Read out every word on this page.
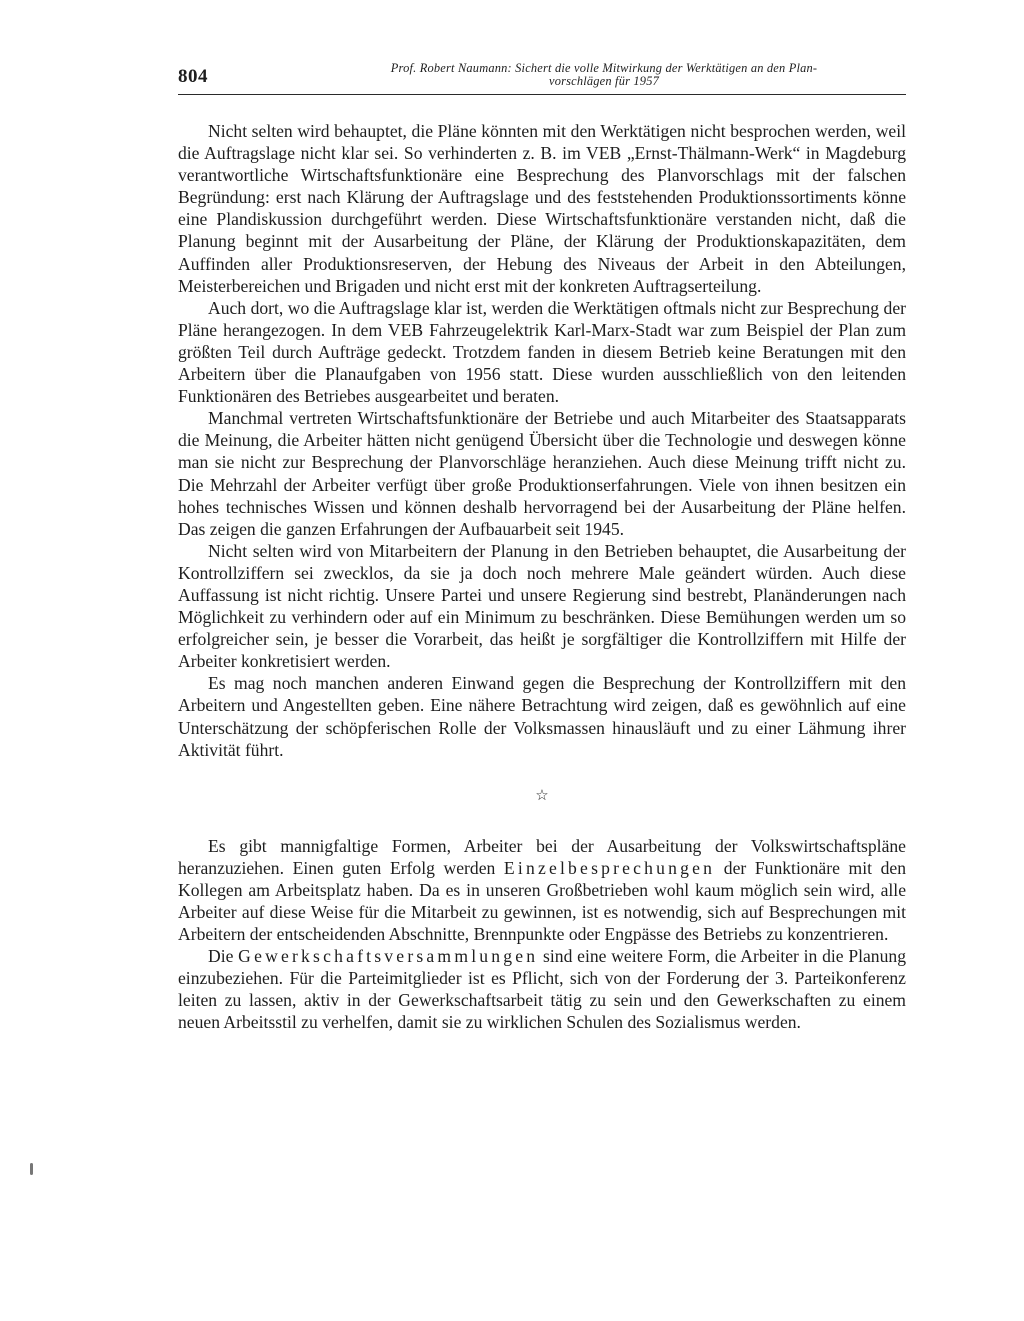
804	Prof. Robert Naumann: Sichert die volle Mitwirkung der Werktätigen an den Plan-
vorschlägen für 1957

Nicht selten wird behauptet, die Pläne könnten mit den Werktätigen nicht besprochen werden, weil die Auftragslage nicht klar sei. So verhinderten z. B. im VEB „Ernst-Thälmann-Werk“ in Magdeburg verantwortliche Wirtschaftsfunktionäre eine Besprechung des Planvorschlags mit der falschen Begründung: erst nach Klärung der Auftragslage und des feststehenden Produktionssortiments könne eine Plandiskussion durchgeführt werden. Diese Wirtschaftsfunktionäre verstanden nicht, daß die Planung beginnt mit der Ausarbeitung der Pläne, der Klärung der Produktionskapazitäten, dem Auffinden aller Produktionsreserven, der Hebung des Niveaus der Arbeit in den Abteilungen, Meisterbereichen und Brigaden und nicht erst mit der konkreten Auftragserteilung.

Auch dort, wo die Auftragslage klar ist, werden die Werktätigen oftmals nicht zur Besprechung der Pläne herangezogen. In dem VEB Fahrzeugelektrik Karl-Marx-Stadt war zum Beispiel der Plan zum größten Teil durch Aufträge gedeckt. Trotzdem fanden in diesem Betrieb keine Beratungen mit den Arbeitern über die Planaufgaben von 1956 statt. Diese wurden ausschließlich von den leitenden Funktionären des Betriebes ausgearbeitet und beraten.

Manchmal vertreten Wirtschaftsfunktionäre der Betriebe und auch Mitarbeiter des Staatsapparats die Meinung, die Arbeiter hätten nicht genügend Übersicht über die Technologie und deswegen könne man sie nicht zur Besprechung der Planvorschläge heranziehen. Auch diese Meinung trifft nicht zu. Die Mehrzahl der Arbeiter verfügt über große Produktionserfahrungen. Viele von ihnen besitzen ein hohes technisches Wissen und können deshalb hervorragend bei der Ausarbeitung der Pläne helfen. Das zeigen die ganzen Erfahrungen der Aufbauarbeit seit 1945.

Nicht selten wird von Mitarbeitern der Planung in den Betrieben behauptet, die Ausarbeitung der Kontrollziffern sei zwecklos, da sie ja doch noch mehrere Male geändert würden. Auch diese Auffassung ist nicht richtig. Unsere Partei und unsere Regierung sind bestrebt, Planänderungen nach Möglichkeit zu verhindern oder auf ein Minimum zu beschränken. Diese Bemühungen werden um so erfolgreicher sein, je besser die Vorarbeit, das heißt je sorgfältiger die Kontrollziffern mit Hilfe der Arbeiter konkretisiert werden.

Es mag noch manchen anderen Einwand gegen die Besprechung der Kontrollziffern mit den Arbeitern und Angestellten geben. Eine nähere Betrachtung wird zeigen, daß es gewöhnlich auf eine Unterschätzung der schöpferischen Rolle der Volksmassen hinausläuft und zu einer Lähmung ihrer Aktivität führt.

☆

Es gibt mannigfaltige Formen, Arbeiter bei der Ausarbeitung der Volkswirtschaftspläne heranzuziehen. Einen guten Erfolg werden Einzelbesprechungen der Funktionäre mit den Kollegen am Arbeitsplatz haben. Da es in unseren Großbetrieben wohl kaum möglich sein wird, alle Arbeiter auf diese Weise für die Mitarbeit zu gewinnen, ist es notwendig, sich auf Besprechungen mit Arbeitern der entscheidenden Abschnitte, Brennpunkte oder Engpässe des Betriebs zu konzentrieren.

Die Gewerkschaftsversammlungen sind eine weitere Form, die Arbeiter in die Planung einzubeziehen. Für die Parteimitglieder ist es Pflicht, sich von der Forderung der 3. Parteikonferenz leiten zu lassen, aktiv in der Gewerkschaftsarbeit tätig zu sein und den Gewerkschaften zu einem neuen Arbeitsstil zu verhelfen, damit sie zu wirklichen Schulen des Sozialismus werden.
